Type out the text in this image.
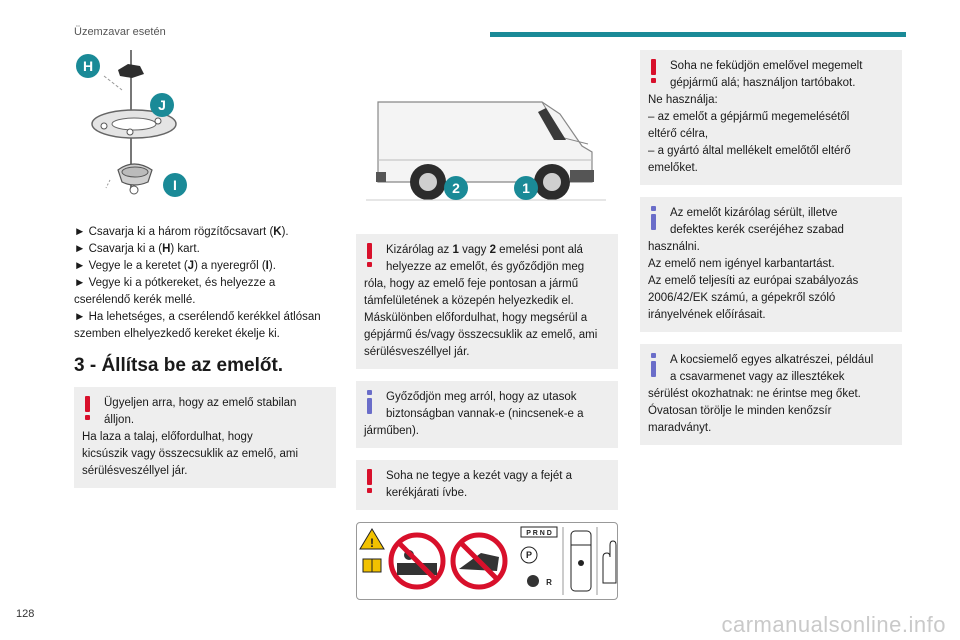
Üzemzavar esetén
H
J
I

► Csavarja ki a három rögzítőcsavart (K).

► Csavarja ki a (H) kart.

► Vegye le a keretet (J) a nyeregről (I).

► Vegye ki a pótkereket, és helyezze a
cserélendő kerék mellé.

► Ha lehetséges, a cserélendő kerékkel átlósan
szemben elhelyezkedő kereket ékelje ki.

3 - Állítsa be az emelőt.
Ügyeljen arra, hogy az emelő stabilan
álljon.
Ha laza a talaj, előfordulhat, hogy
kicsúszik vagy összecsuklik az emelő, ami
sérülésveszéllyel jár.
2	1
Kizárólag az 1 vagy 2 emelési pont alá
helyezze az emelőt, és győződjön meg
róla, hogy az emelő feje pontosan a jármű
támfelületének a közepén helyezkedik el.
Máskülönben előfordulhat, hogy megsérül a
gépjármű és/vagy összecsuklik az emelő, ami
sérülésveszéllyel jár.
Győződjön meg arról, hogy az utasok
biztonságban vannak-e (nincsenek-e a
járműben).
Soha ne tegye a kezét vagy a fejét a
kerékjárati ívbe.
!
P R N D
P
R
Soha ne feküdjön emelővel megemelt
gépjármű alá; használjon tartóbakot.
Ne használja:
– az emelőt a gépjármű megemelésétől
eltérő célra,
– a gyártó által mellékelt emelőtől eltérő
emelőket.
Az emelőt kizárólag sérült, illetve
defektes kerék cseréjéhez szabad
használni.
Az emelő nem igényel karbantartást.
Az emelő teljesíti az európai szabályozás
2006/42/EK számú, a gépekről szóló
irányelvének előírásait.
A kocsiemelő egyes alkatrészei, például
a csavarmenet vagy az illesztékek
sérülést okozhatnak: ne érintse meg őket.
Óvatosan törölje le minden kenőzsír
maradványt.
128	carmanualsonline.info
